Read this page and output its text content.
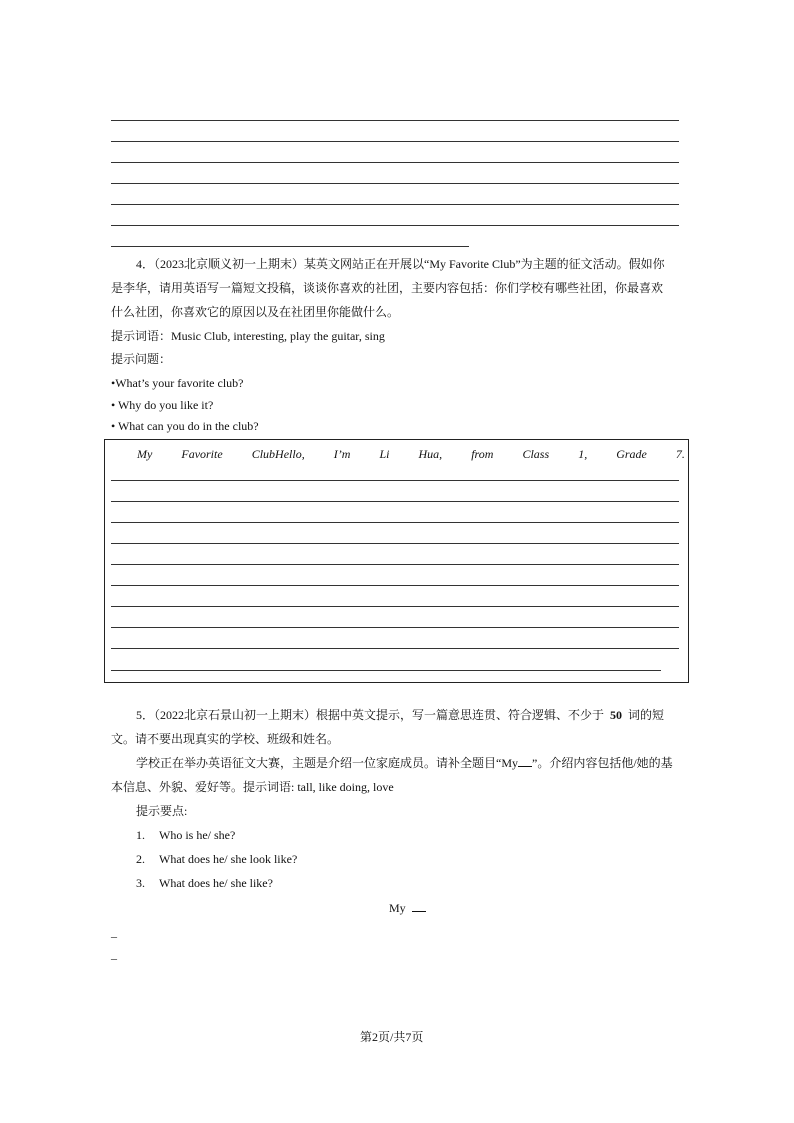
4．（2023北京顺义初一上期末）某英文网站正在开展以“My Favorite Club”为主题的征文活动。假如你
是李华，请用英语写一篇短文投稿，谈谈你喜欢的社团，主要内容包括：你们学校有哪些社团，你最喜欢
什么社团，你喜欢它的原因以及在社团里你能做什么。
提示词语：Music Club, interesting, play the guitar, sing
提示问题：
•What’s your favorite club?
• Why do you like it?
• What can you do in the club?
My Favorite ClubHello, I’m Li Hua, from Class 1, Grade 7.
5．（2022北京石景山初一上期末）根据中英文提示，写一篇意思连贯、符合逻辑、不少于 50 词的短
文。请不要出现真实的学校、班级和姓名。
学校正在举办英语征文大赛，主题是介绍一位家庭成员。请补全题目“My ”。介绍内容包括他/她的基
本信息、外貌、爱好等。提示词语: tall, like doing, love
提示要点:
1. Who is he/ she?
2. What does he/ she look like?
3. What does he/ she like?
My
_
_
第2页/共7页
